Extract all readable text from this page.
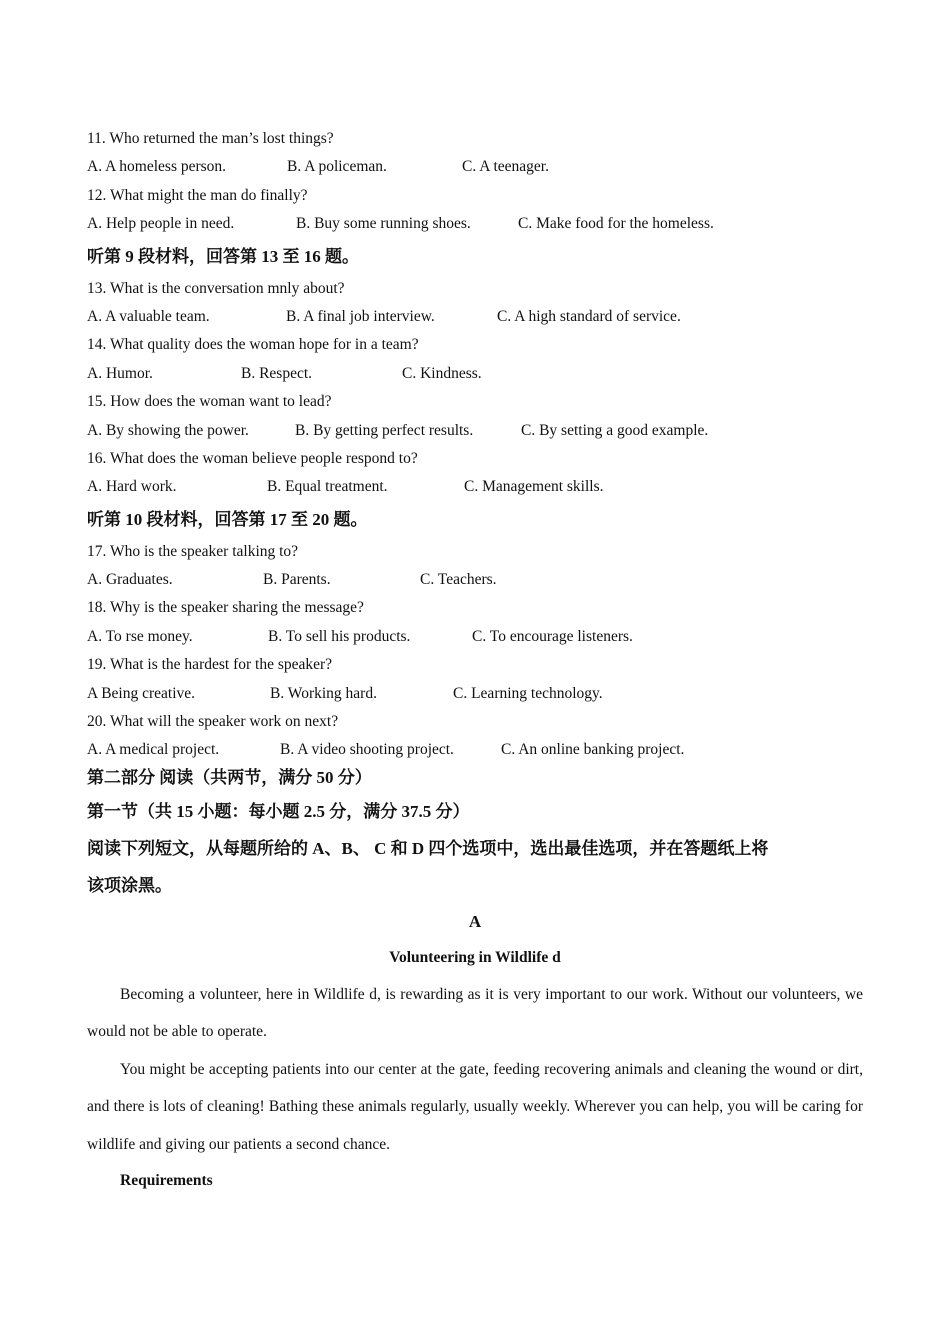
11. Who returned the man’s lost things?
A. A homeless person.	B. A policeman.	C. A teenager.
12. What might the man do finally?
A. Help people in need.	B. Buy some running shoes.	C. Make food for the homeless.
听第 9 段材料，回答第 13 至 16 题。
13. What is the conversation mnly about?
A. A valuable team.	B. A final job interview.	C. A high standard of service.
14. What quality does the woman hope for in a team?
A. Humor.	B. Respect.	C. Kindness.
15. How does the woman want to lead?
A. By showing the power.	B. By getting perfect results.	C. By setting a good example.
16. What does the woman believe people respond to?
A. Hard work.	B. Equal treatment.	C. Management skills.
听第 10 段材料，回答第 17 至 20 题。
17. Who is the speaker talking to?
A. Graduates.	B. Parents.	C. Teachers.
18. Why is the speaker sharing the message?
A. To rse money.	B. To sell his products.	C. To encourage listeners.
19. What is the hardest for the speaker?
A Being creative.	B. Working hard.	C. Learning technology.
20. What will the speaker work on next?
A. A medical project.	B. A video shooting project.	C. An online banking project.
第二部分 阅读（共两节，满分 50 分）
第一节（共 15 小题：每小题 2.5 分，满分 37.5 分）
阅读下列短文，从每题所给的 A、B、 C 和 D 四个选项中，选出最佳选项，并在答题纸上将
该项涂黑。
A
Volunteering in Wildlife d

Becoming a volunteer, here in Wildlife d, is rewarding as it is very important to our work. Without our volunteers, we would not be able to operate.

You might be accepting patients into our center at the gate, feeding recovering animals and cleaning the wound or dirt, and there is lots of cleaning! Bathing these animals regularly, usually weekly. Wherever you can help, you will be caring for wildlife and giving our patients a second chance.

Requirements
